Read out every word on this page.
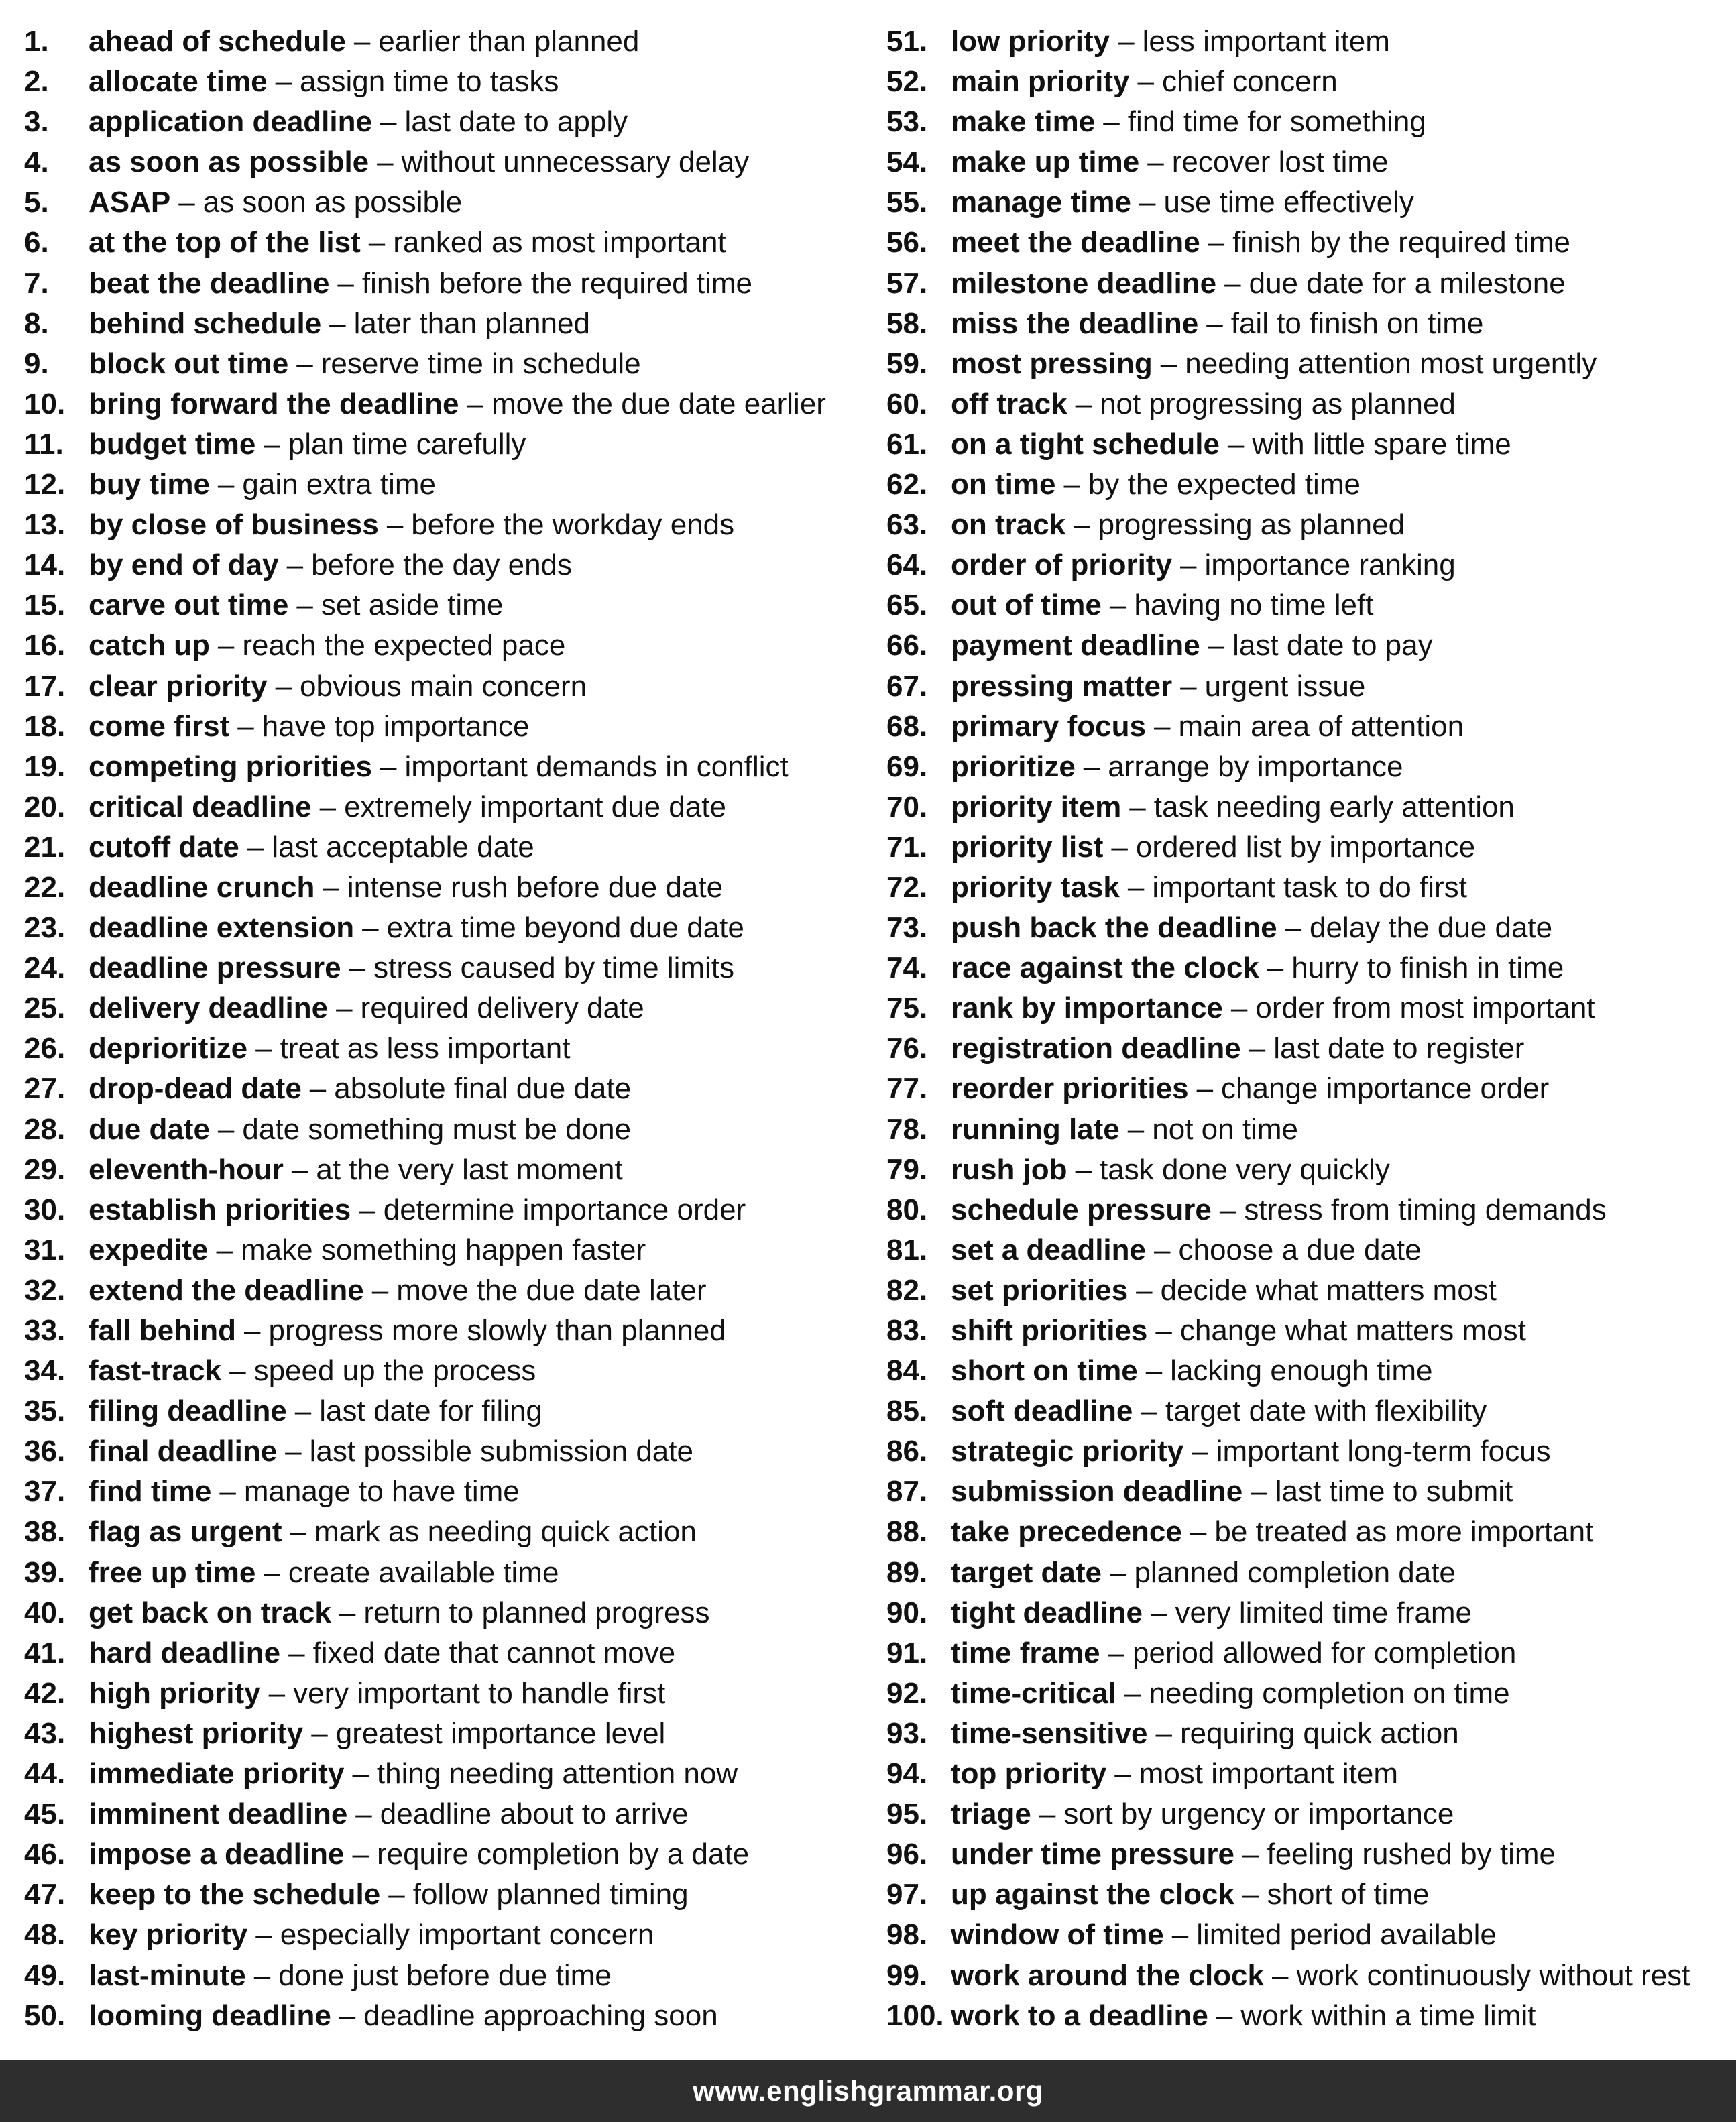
1.	ahead of schedule – earlier than planned
2.	allocate time – assign time to tasks
3.	application deadline – last date to apply
4.	as soon as possible – without unnecessary delay
5.	ASAP – as soon as possible
6.	at the top of the list – ranked as most important
7.	beat the deadline – finish before the required time
8.	behind schedule – later than planned
9.	block out time – reserve time in schedule
10. bring forward the deadline – move the due date earlier
11. budget time – plan time carefully
12. buy time – gain extra time
13. by close of business – before the workday ends
14. by end of day – before the day ends
15. carve out time – set aside time
16. catch up – reach the expected pace
17. clear priority – obvious main concern
18. come first – have top importance
19. competing priorities – important demands in conflict
20. critical deadline – extremely important due date
21. cutoff date – last acceptable date
22. deadline crunch – intense rush before due date
23. deadline extension – extra time beyond due date
24. deadline pressure – stress caused by time limits
25. delivery deadline – required delivery date
26. deprioritize – treat as less important
27. drop-dead date – absolute final due date
28. due date – date something must be done
29. eleventh-hour – at the very last moment
30. establish priorities – determine importance order
31. expedite – make something happen faster
32. extend the deadline – move the due date later
33. fall behind – progress more slowly than planned
34. fast-track – speed up the process
35. filing deadline – last date for filing
36. final deadline – last possible submission date
37. find time – manage to have time
38. flag as urgent – mark as needing quick action
39. free up time – create available time
40. get back on track – return to planned progress
41. hard deadline – fixed date that cannot move
42. high priority – very important to handle first
43. highest priority – greatest importance level
44. immediate priority – thing needing attention now
45. imminent deadline – deadline about to arrive
46. impose a deadline – require completion by a date
47. keep to the schedule – follow planned timing
48. key priority – especially important concern
49. last-minute – done just before due time
50. looming deadline – deadline approaching soon
51. low priority – less important item
52. main priority – chief concern
53. make time – find time for something
54. make up time – recover lost time
55. manage time – use time effectively
56. meet the deadline – finish by the required time
57. milestone deadline – due date for a milestone
58. miss the deadline – fail to finish on time
59. most pressing – needing attention most urgently
60. off track – not progressing as planned
61. on a tight schedule – with little spare time
62. on time – by the expected time
63. on track – progressing as planned
64. order of priority – importance ranking
65. out of time – having no time left
66. payment deadline – last date to pay
67. pressing matter – urgent issue
68. primary focus – main area of attention
69. prioritize – arrange by importance
70. priority item – task needing early attention
71. priority list – ordered list by importance
72. priority task – important task to do first
73. push back the deadline – delay the due date
74. race against the clock – hurry to finish in time
75. rank by importance – order from most important
76. registration deadline – last date to register
77. reorder priorities – change importance order
78. running late – not on time
79. rush job – task done very quickly
80. schedule pressure – stress from timing demands
81. set a deadline – choose a due date
82. set priorities – decide what matters most
83. shift priorities – change what matters most
84. short on time – lacking enough time
85. soft deadline – target date with flexibility
86. strategic priority – important long-term focus
87. submission deadline – last time to submit
88. take precedence – be treated as more important
89. target date – planned completion date
90. tight deadline – very limited time frame
91. time frame – period allowed for completion
92. time-critical – needing completion on time
93. time-sensitive – requiring quick action
94. top priority – most important item
95. triage – sort by urgency or importance
96. under time pressure – feeling rushed by time
97. up against the clock – short of time
98. window of time – limited period available
99. work around the clock – work continuously without rest
100. work to a deadline – work within a time limit
www.englishgrammar.org
